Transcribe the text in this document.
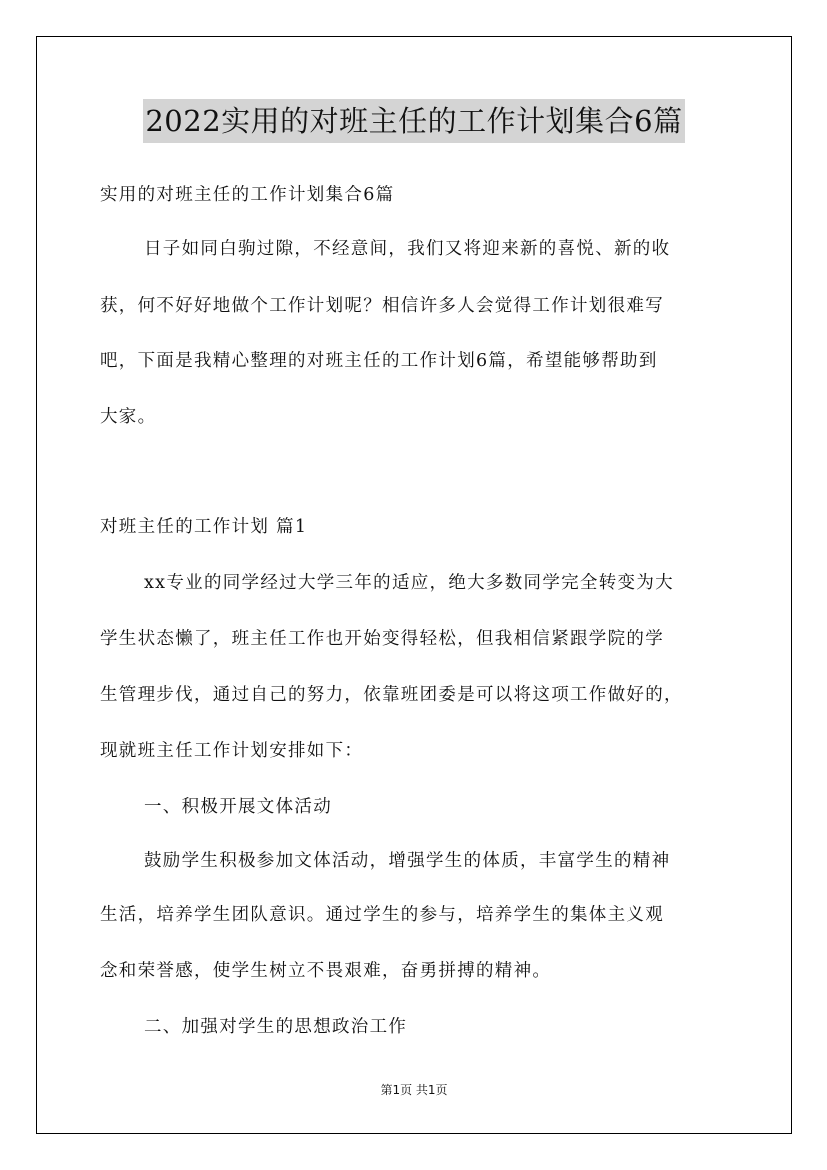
2022实用的对班主任的工作计划集合6篇
实用的对班主任的工作计划集合6篇
日子如同白驹过隙，不经意间，我们又将迎来新的喜悦、新的收
获，何不好好地做个工作计划呢？相信许多人会觉得工作计划很难写
吧，下面是我精心整理的对班主任的工作计划6篇，希望能够帮助到
大家。
对班主任的工作计划 篇1
xx专业的同学经过大学三年的适应，绝大多数同学完全转变为大
学生状态懒了，班主任工作也开始变得轻松，但我相信紧跟学院的学
生管理步伐，通过自己的努力，依靠班团委是可以将这项工作做好的，
现就班主任工作计划安排如下：
一、积极开展文体活动
鼓励学生积极参加文体活动，增强学生的体质，丰富学生的精神
生活，培养学生团队意识。通过学生的参与，培养学生的集体主义观
念和荣誉感，使学生树立不畏艰难，奋勇拼搏的精神。
二、加强对学生的思想政治工作
第1页 共1页
